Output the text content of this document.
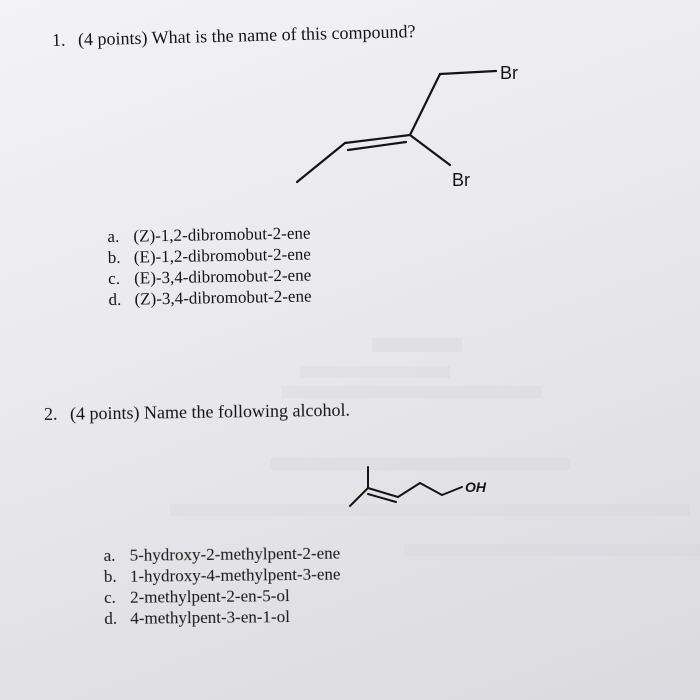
1. (4 points) What is the name of this compound?
Br
Br
OH
a. (Z)-1,2-dibromobut-2-ene
b. (E)-1,2-dibromobut-2-ene
c. (E)-3,4-dibromobut-2-ene
d. (Z)-3,4-dibromobut-2-ene
2. (4 points) Name the following alcohol.
a. 5-hydroxy-2-methylpent-2-ene
b. 1-hydroxy-4-methylpent-3-ene
c. 2-methylpent-2-en-5-ol
d. 4-methylpent-3-en-1-ol
